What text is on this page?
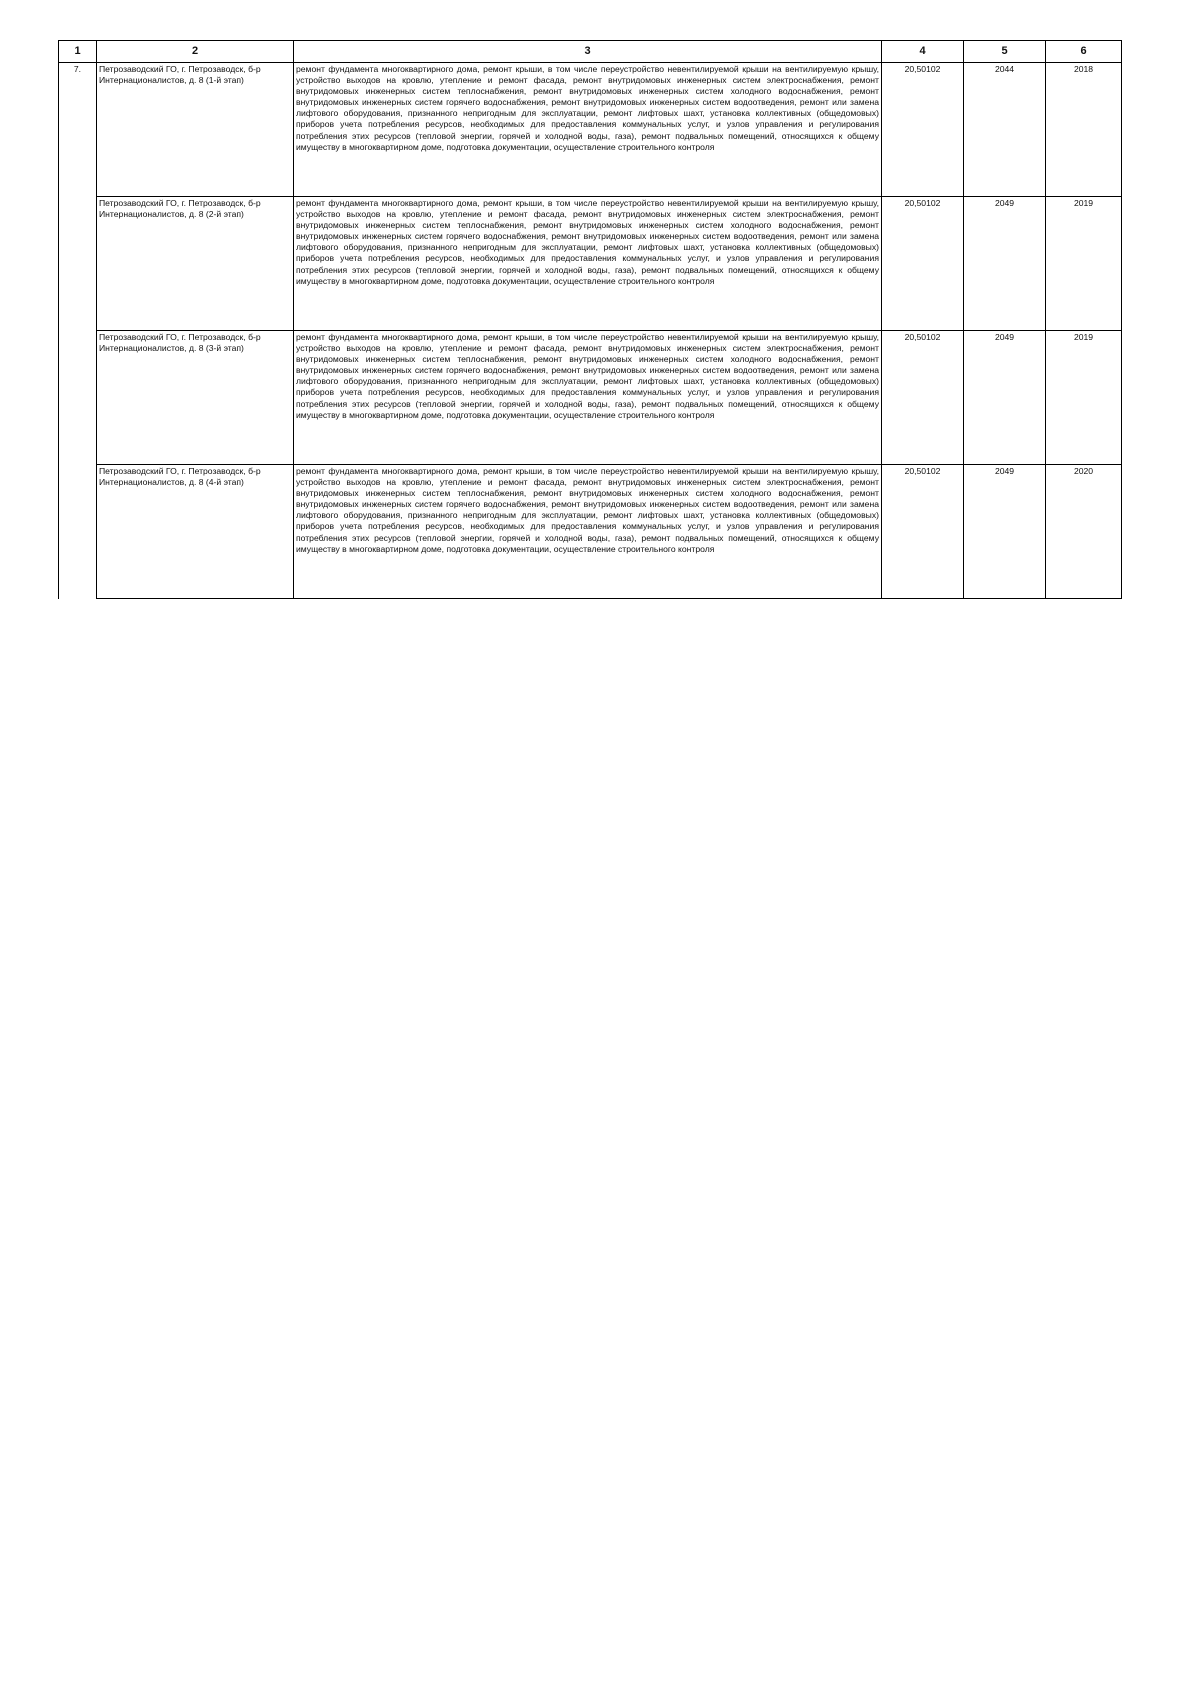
1	2	3	4	5	6
7.	Петрозаводский ГО, г. Петрозаводск, б-р Интернационалистов, д. 8 (1-й этап)	ремонт фундамента многоквартирного дома, ремонт крыши, в том числе переустройство невентилируемой крыши на вентилируемую крышу, устройство выходов на кровлю, утепление и ремонт фасада, ремонт внутридомовых инженерных систем электроснабжения, ремонт внутридомовых инженерных систем теплоснабжения, ремонт внутридомовых инженерных систем холодного водоснабжения, ремонт внутридомовых инженерных систем горячего водоснабжения, ремонт внутридомовых инженерных систем водоотведения, ремонт или замена лифтового оборудования, признанного непригодным для эксплуатации, ремонт лифтовых шахт, установка коллективных (общедомовых) приборов учета потребления ресурсов, необходимых для предоставления коммунальных услуг, и узлов управления и регулирования потребления этих ресурсов (тепловой энергии, горячей и холодной воды, газа), ремонт подвальных помещений, относящихся к общему имуществу в многоквартирном доме, подготовка документации, осуществление строительного контроля	20,50102	2044	2018
	Петрозаводский ГО, г. Петрозаводск, б-р Интернационалистов, д. 8 (2-й этап)	ремонт фундамента многоквартирного дома, ремонт крыши, в том числе переустройство невентилируемой крыши на вентилируемую крышу, устройство выходов на кровлю, утепление и ремонт фасада, ремонт внутридомовых инженерных систем электроснабжения, ремонт внутридомовых инженерных систем теплоснабжения, ремонт внутридомовых инженерных систем холодного водоснабжения, ремонт внутридомовых инженерных систем горячего водоснабжения, ремонт внутридомовых инженерных систем водоотведения, ремонт или замена лифтового оборудования, признанного непригодным для эксплуатации, ремонт лифтовых шахт, установка коллективных (общедомовых) приборов учета потребления ресурсов, необходимых для предоставления коммунальных услуг, и узлов управления и регулирования потребления этих ресурсов (тепловой энергии, горячей и холодной воды, газа), ремонт подвальных помещений, относящихся к общему имуществу в многоквартирном доме, подготовка документации, осуществление строительного контроля	20,50102	2049	2019
	Петрозаводский ГО, г. Петрозаводск, б-р Интернационалистов, д. 8 (3-й этап)	ремонт фундамента многоквартирного дома, ремонт крыши, в том числе переустройство невентилируемой крыши на вентилируемую крышу, устройство выходов на кровлю, утепление и ремонт фасада, ремонт внутридомовых инженерных систем электроснабжения, ремонт внутридомовых инженерных систем теплоснабжения, ремонт внутридомовых инженерных систем холодного водоснабжения, ремонт внутридомовых инженерных систем горячего водоснабжения, ремонт внутридомовых инженерных систем водоотведения, ремонт или замена лифтового оборудования, признанного непригодным для эксплуатации, ремонт лифтовых шахт, установка коллективных (общедомовых) приборов учета потребления ресурсов, необходимых для предоставления коммунальных услуг, и узлов управления и регулирования потребления этих ресурсов (тепловой энергии, горячей и холодной воды, газа), ремонт подвальных помещений, относящихся к общему имуществу в многоквартирном доме, подготовка документации, осуществление строительного контроля	20,50102	2049	2019
	Петрозаводский ГО, г. Петрозаводск, б-р Интернационалистов, д. 8 (4-й этап)	ремонт фундамента многоквартирного дома, ремонт крыши, в том числе переустройство невентилируемой крыши на вентилируемую крышу, устройство выходов на кровлю, утепление и ремонт фасада, ремонт внутридомовых инженерных систем электроснабжения, ремонт внутридомовых инженерных систем теплоснабжения, ремонт внутридомовых инженерных систем холодного водоснабжения, ремонт внутридомовых инженерных систем горячего водоснабжения, ремонт внутридомовых инженерных систем водоотведения, ремонт или замена лифтового оборудования, признанного непригодным для эксплуатации, ремонт лифтовых шахт, установка коллективных (общедомовых) приборов учета потребления ресурсов, необходимых для предоставления коммунальных услуг, и узлов управления и регулирования потребления этих ресурсов (тепловой энергии, горячей и холодной воды, газа), ремонт подвальных помещений, относящихся к общему имуществу в многоквартирном доме, подготовка документации, осуществление строительного контроля	20,50102	2049	2020
